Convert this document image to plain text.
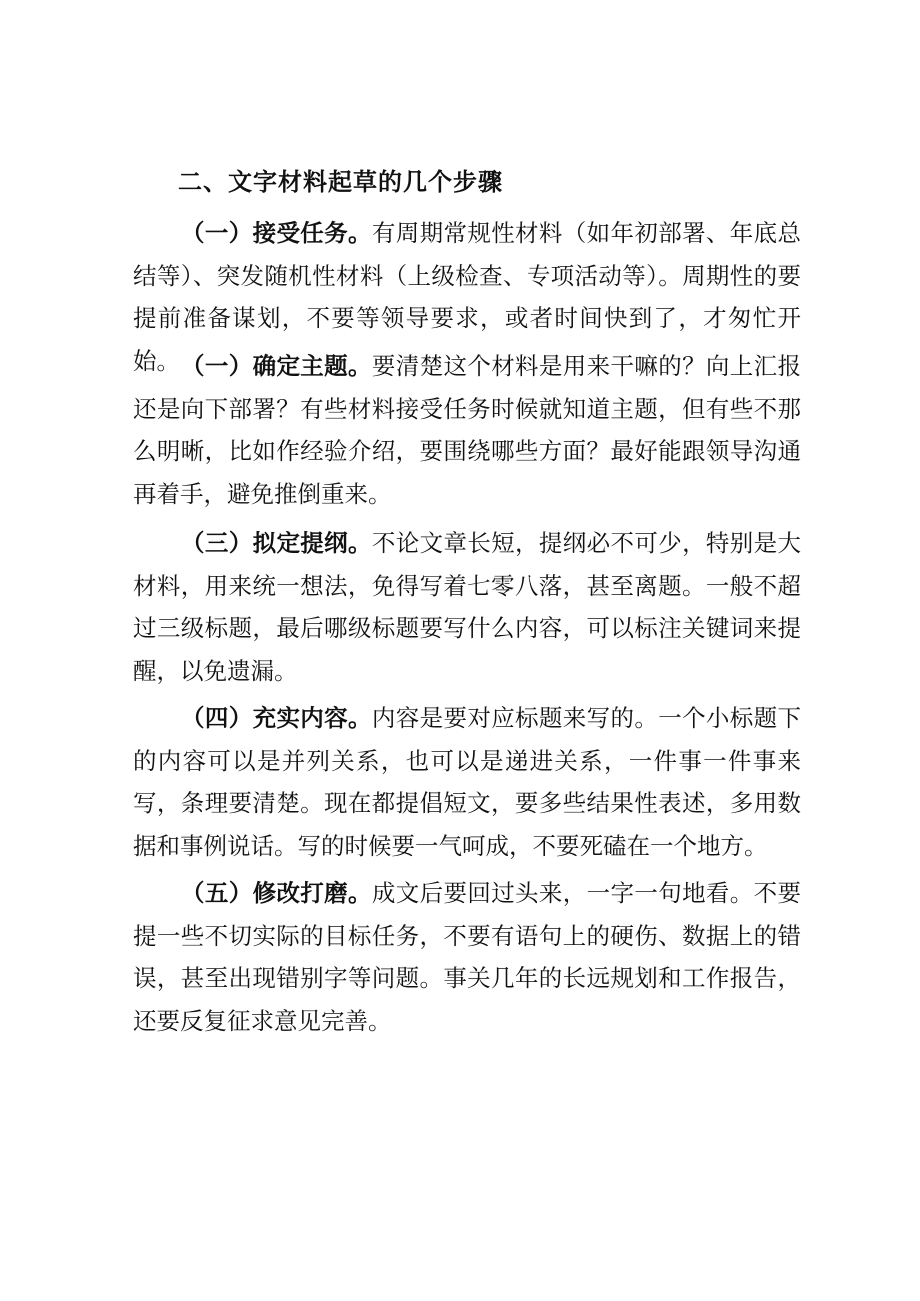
二、文字材料起草的几个步骤

（一）接受任务。有周期常规性材料（如年初部署、年底总结等）、突发随机性材料（上级检查、专项活动等）。周期性的要提前准备谋划，不要等领导要求，或者时间快到了，才匆忙开始。 （一）确定主题。要清楚这个材料是用来干嘛的？向上汇报还是向下部署？有些材料接受任务时候就知道主题，但有些不那么明晰，比如作经验介绍，要围绕哪些方面？最好能跟领导沟通再着手，避免推倒重来。

（三）拟定提纲。不论文章长短，提纲必不可少，特别是大材料，用来统一想法，免得写着七零八落，甚至离题。一般不超过三级标题，最后哪级标题要写什么内容，可以标注关键词来提醒，以免遗漏。

（四）充实内容。内容是要对应标题来写的。一个小标题下的内容可以是并列关系，也可以是递进关系，一件事一件事来写，条理要清楚。现在都提倡短文，要多些结果性表述，多用数据和事例说话。写的时候要一气呵成，不要死磕在一个地方。

（五）修改打磨。成文后要回过头来，一字一句地看。不要提一些不切实际的目标任务，不要有语句上的硬伤、数据上的错误，甚至出现错别字等问题。事关几年的长远规划和工作报告，还要反复征求意见完善。
